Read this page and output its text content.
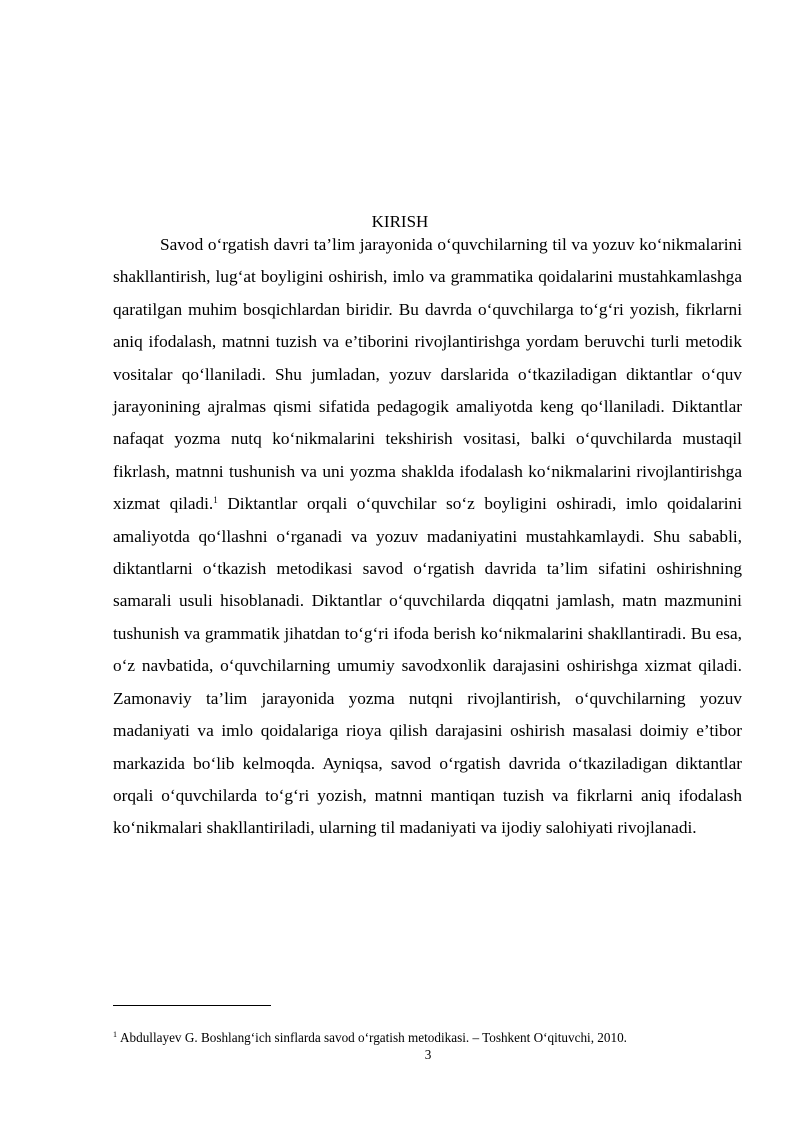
KIRISH

Savod o‘rgatish davri ta’lim jarayonida o‘quvchilarning til va yozuv ko‘nikmalarini shakllantirish, lug‘at boyligini oshirish, imlo va grammatika qoidalarini mustahkamlashga qaratilgan muhim bosqichlardan biridir. Bu davrda o‘quvchilarga to‘g‘ri yozish, fikrlarni aniq ifodalash, matnni tuzish va e’tiborini rivojlantirishga yordam beruvchi turli metodik vositalar qo‘llaniladi. Shu jumladan, yozuv darslarida o‘tkaziladigan diktantlar o‘quv jarayonining ajralmas qismi sifatida pedagogik amaliyotda keng qo‘llaniladi. Diktantlar nafaqat yozma nutq ko‘nikmalarini tekshirish vositasi, balki o‘quvchilarda mustaqil fikrlash, matnni tushunish va uni yozma shaklda ifodalash ko‘nikmalarini rivojlantirishga xizmat qiladi.$^1$ Diktantlar orqali o‘quvchilar so‘z boyligini oshiradi, imlo qoidalarini amaliyotda qo‘llashni o‘rganadi va yozuv madaniyatini mustahkamlaydi. Shu sababli, diktantlarni o‘tkazish metodikasi savod o‘rgatish davrida ta’lim sifatini oshirishning samarali usuli hisoblanadi. Diktantlar o‘quvchilarda diqqatni jamlash, matn mazmunini tushunish va grammatik jihatdan to‘g‘ri ifoda berish ko‘nikmalarini shakllantiradi. Bu esa, o‘z navbatida, o‘quvchilarning umumiy savodxonlik darajasini oshirishga xizmat qiladi. Zamonaviy ta’lim jarayonida yozma nutqni rivojlantirish, o‘quvchilarning yozuv madaniyati va imlo qoidalariga rioya qilish darajasini oshirish masalasi doimiy e’tibor markazida bo‘lib kelmoqda. Ayniqsa, savod o‘rgatish davrida o‘tkaziladigan diktantlar orqali o‘quvchilarda to‘g‘ri yozish, matnni mantiqan tuzish va fikrlarni aniq ifodalash ko‘nikmalari shakllantiriladi, ularning til madaniyati va ijodiy salohiyati rivojlanadi.

$^1$ Abdullayev G. Boshlang‘ich sinflarda savod o‘rgatish metodikasi. – Toshkent O‘qituvchi, 2010.
3
